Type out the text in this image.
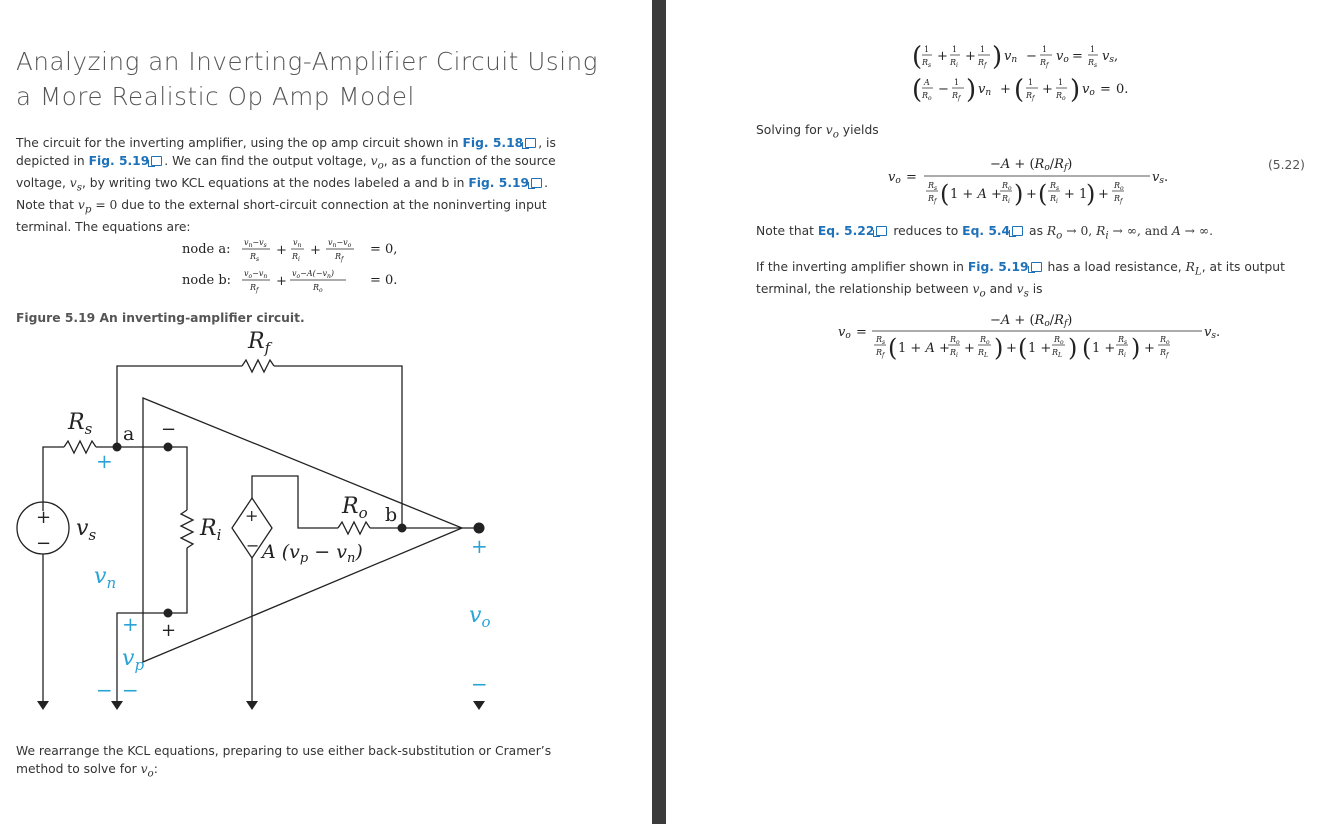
Analyzing an Inverting-Amplifier Circuit Using a More Realistic Op Amp Model

The circuit for the inverting amplifier, using the op amp circuit shown in Fig. 5.18 , is depicted in Fig. 5.19 . We can find the output voltage, $v_o$, as a function of the source voltage, $v_s$, by writing two KCL equations at the nodes labeled a and b in Fig. 5.19 . Note that $v_p = 0$ due to the external short-circuit connection at the noninverting input terminal. The equations are:

node a: $v_n-v_s$
$R_s$
+
$v_n$
$R_i$
+
$v_n-v_o$
$R_f$
= 0,
node b: $v_o-v_n$
$R_f$
+
$v_o-A(-v_n)$
$R_o$
= 0.

Figure 5.19 An inverting-amplifier circuit.

$R_f$
$R_s$
$R_i$
$R_o$
$v_s$
A $(v_p - v_n)$
a
b
+
−
−
+
+
−
+
+
+
− −	−
$v_n$
$v_p$
$v_o$

We rearrange the KCL equations, preparing to use either back-substitution or Cramer’s method to solve for $v_o$:

( 1
$R_s$
+ 1
$R_i$
+ 1
$R_f$ ) vn − 1
$R_f$
vo = 1
$R_s$
vs,
( A
$R_o$
− 1
$R_f$ ) vn + ( 1
$R_f$
+ 1
$R_o$ ) vo = 0.

Solving for $v_o$ yields

vo =
−A + (Ro/Rf)
$R_s$
$R_f$ ( 1 + A +
$R_o$
$R_i$ ) + ( $R_s$
$R_i + 1$
) +
$R_o$
$R_f$
vs.
(5.22)

Note that Eq. 5.22 reduces to Eq. 5.4 as $R_o \to 0$, $R_i$ → ∞, and A → ∞.

If the inverting amplifier shown in Fig. 5.19 has a load resistance, $R_L$, at its output terminal, the relationship between $v_o$ and $v_s$ is

vo =
−A + (Ro/Rf)
$R_s$
$R_f$ ( 1 + A +
$R_o$
$R_i$ +
$R_o$
$R_L$ ) + ( 1 +
$R_o$
$R_L$ ) ( 1 +
$R_s$
$R_i$ ) +
$R_o$
$R_f$
vs.
